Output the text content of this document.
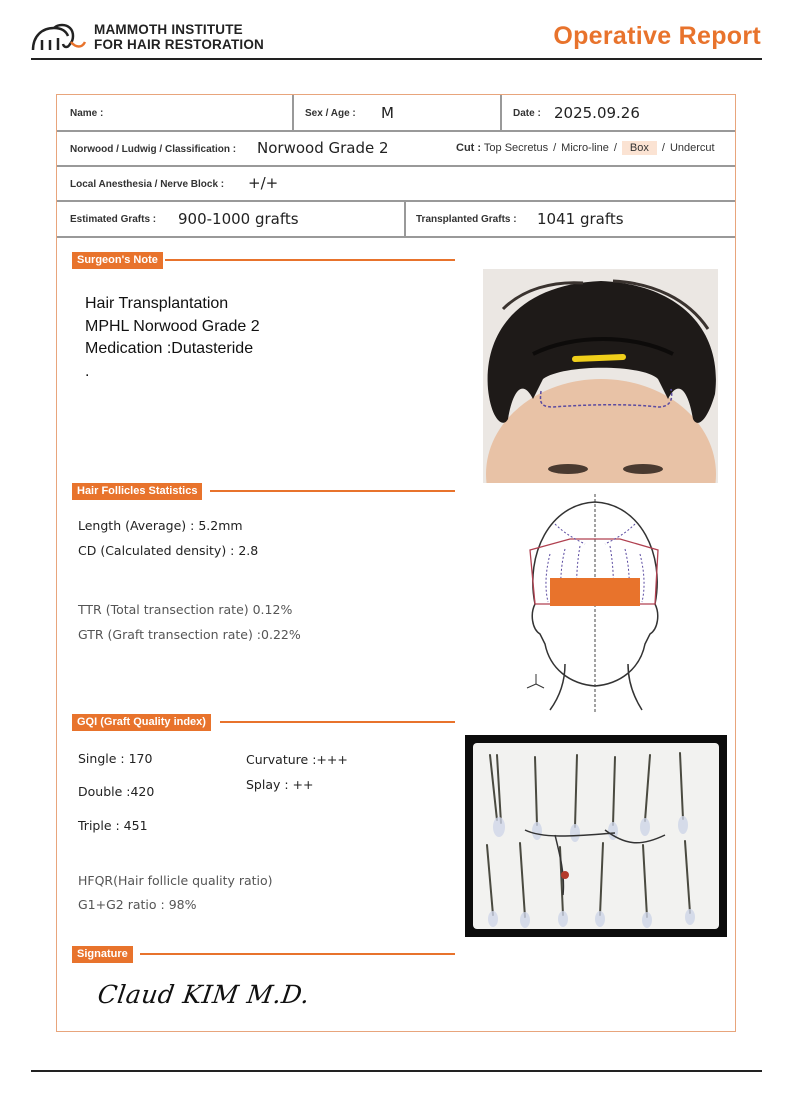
MAMMOTH INSTITUTE
FOR HAIR RESTORATION	Operative Report
Name :	Sex / Age : M	Date : 2025.09.26
Norwood / Ludwig / Classification : Norwood Grade 2	Cut : Top Secretus / Micro-line / Box / Undercut
Local Anesthesia / Nerve Block : +/+
Estimated Grafts : 900-1000 grafts	Transplanted Grafts : 1041 grafts
Surgeon's Note
Hair Transplantation
MPHL Norwood Grade 2
Medication :Dutasteride
.
Hair Follicles Statistics
Length (Average) : 5.2mm
CD (Calculated density) : 2.8
TTR (Total transection rate) 0.12%
GTR (Graft transection rate) :0.22%
GQI (Graft Quality index)
Single : 170
Double :420
Triple : 451
Curvature :+++
Splay : ++
HFQR(Hair follicle quality ratio)
G1+G2 ratio : 98%
Signature
Claud KIM M.D.
